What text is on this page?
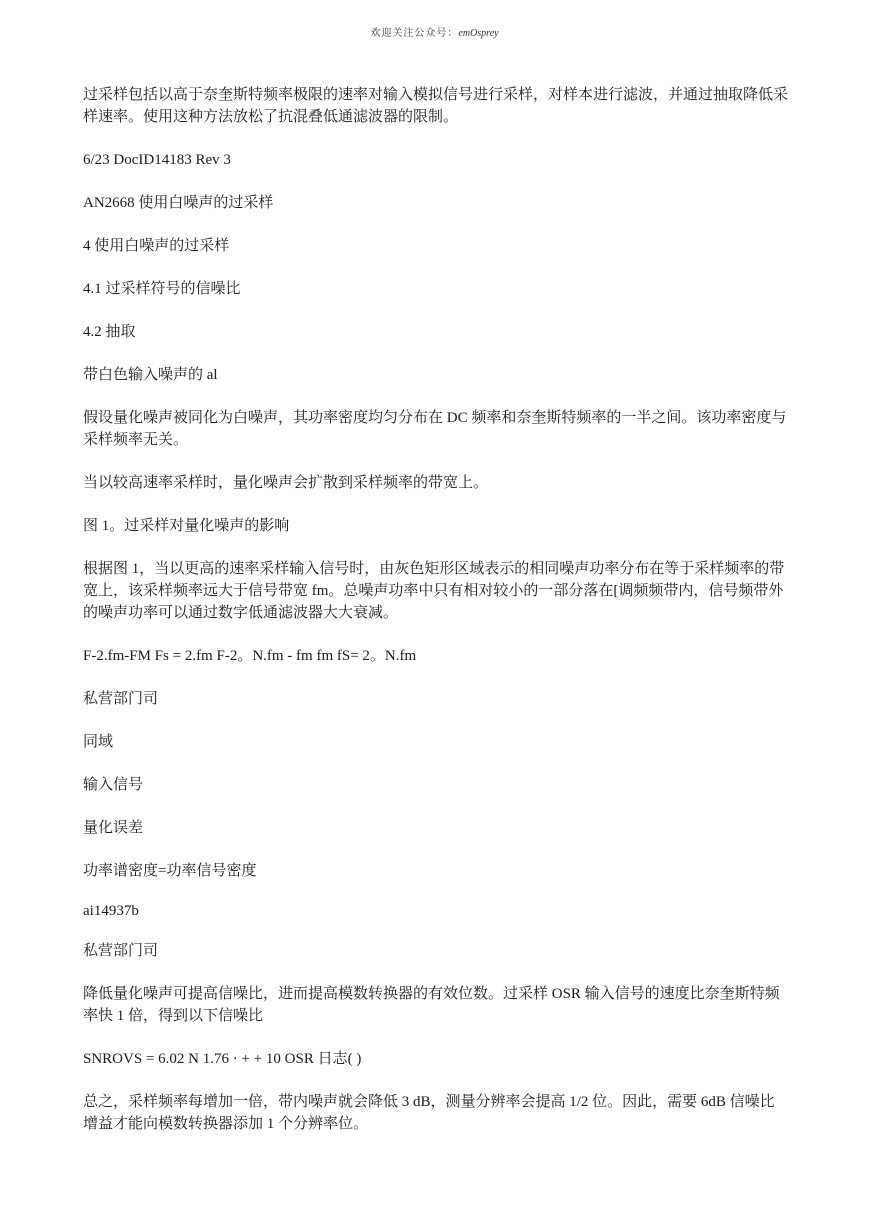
欢迎关注公众号：emOsprey

过采样包括以高于奈奎斯特频率极限的速率对输入模拟信号进行采样，对样本进行滤波，并通过抽取降低采样速率。使用这种方法放松了抗混叠低通滤波器的限制。

6/23 DocID14183 Rev 3

AN2668 使用白噪声的过采样

4 使用白噪声的过采样

4.1 过采样符号的信噪比

4.2 抽取

带白色输入噪声的 al

假设量化噪声被同化为白噪声，其功率密度均匀分布在 DC 频率和奈奎斯特频率的一半之间。该功率密度与采样频率无关。

当以较高速率采样时，量化噪声会扩散到采样频率的带宽上。

图 1。过采样对量化噪声的影响

根据图 1，当以更高的速率采样输入信号时，由灰色矩形区域表示的相同噪声功率分布在等于采样频率的带宽上，该采样频率远大于信号带宽 fm。总噪声功率中只有相对较小的一部分落在[调频频带内，信号频带外的噪声功率可以通过数字低通滤波器大大衰减。

F-2.fm-FM Fs = 2.fm F-2。N.fm - fm fm fS= 2。N.fm

私营部门司

同域

输入信号

量化误差

功率谱密度=功率信号密度

ai14937b

私营部门司

降低量化噪声可提高信噪比，进而提高模数转换器的有效位数。过采样 OSR 输入信号的速度比奈奎斯特频率快 1 倍，得到以下信噪比

SNROVS = 6.02 N 1.76 · + + 10 OSR 日志( )

总之，采样频率每增加一倍，带内噪声就会降低 3 dB，测量分辨率会提高 1/2 位。因此，需要 6dB 信噪比增益才能向模数转换器添加 1 个分辨率位。
